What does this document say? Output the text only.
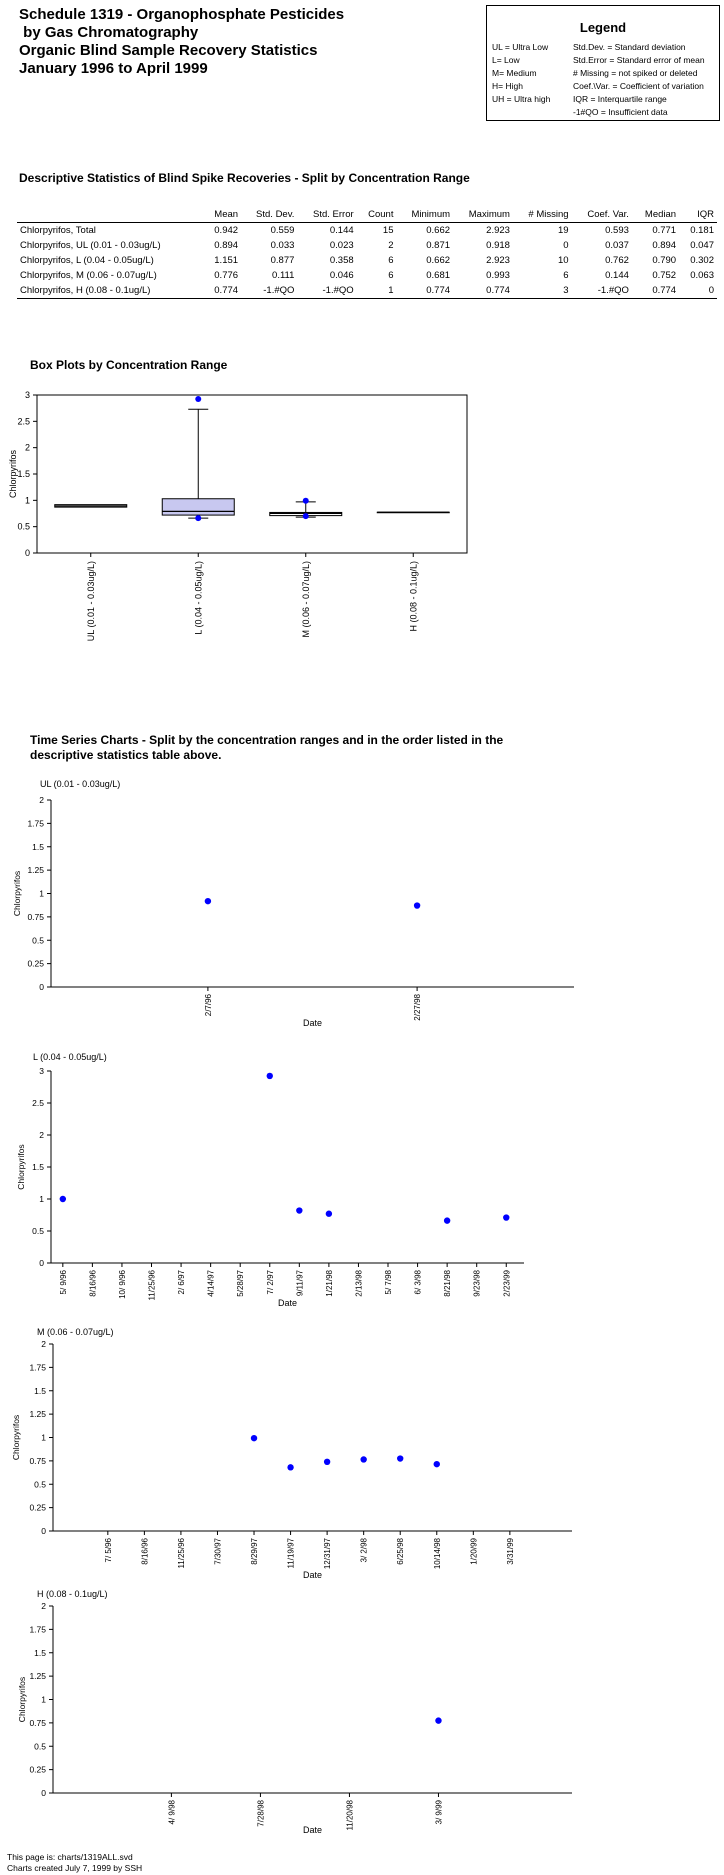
Schedule 1319 - Organophosphate Pesticides
by Gas Chromatography
Organic Blind Sample Recovery Statistics
January 1996 to April 1999
Legend
UL = Ultra Low
L= Low
M= Medium
H= High
UH = Ultra high
Std.Dev. = Standard deviation
Std.Error = Standard error of mean
# Missing = not spiked or deleted
Coef.\Var. = Coefficient of variation
IQR = Interquartile range
-1#QO = Insufficient data
Descriptive Statistics of Blind Spike Recoveries - Split by Concentration Range
	Mean	Std. Dev.	Std. Error	Count	Minimum	Maximum	# Missing	Coef. Var.	Median	IQR
Chlorpyrifos, Total	0.942	0.559	0.144	15	0.662	2.923	19	0.593	0.771	0.181
Chlorpyrifos, UL (0.01 - 0.03ug/L)	0.894	0.033	0.023	2	0.871	0.918	0	0.037	0.894	0.047
Chlorpyrifos, L (0.04 - 0.05ug/L)	1.151	0.877	0.358	6	0.662	2.923	10	0.762	0.790	0.302
Chlorpyrifos, M (0.06 - 0.07ug/L)	0.776	0.111	0.046	6	0.681	0.993	6	0.144	0.752	0.063
Chlorpyrifos, H (0.08 - 0.1ug/L)	0.774	-1.#QO	-1.#QO	1	0.774	0.774	3	-1.#QO	0.774	0
Box Plots by Concentration Range
0
0.5
1
1.5
2
2.5
3
Chlorpyrifos
UL (0.01 - 0.03ug/L)	L (0.04 - 0.05ug/L)	M (0.06 - 0.07ug/L)	H (0.08 - 0.1ug/L)
Time Series Charts - Split by the concentration ranges and in the order listed in the
descriptive statistics table above.
UL (0.01 - 0.03ug/L)
0
0.25
0.5
0.75
1
1.25
1.5
1.75
2
Chlorpyrifos
2/7/96	2/27/98
Date
L (0.04 - 0.05ug/L)
0
0.5
1
1.5
2
2.5
3
Chlorpyrifos
5/ 9/96	8/16/96	10/ 9/96	11/25/96	2/ 6/97	4/14/97	5/28/97	7/ 2/97	9/11/97	1/21/98	2/13/98	5/ 7/98	6/ 3/98	8/21/98	9/23/98	2/23/99
Date
M (0.06 - 0.07ug/L)
0
0.25
0.5
0.75
1
1.25
1.5
1.75
2
Chlorpyrifos
7/ 5/96	8/16/96	11/25/96	7/30/97	8/29/97	11/19/97	12/31/97	3/ 2/98	6/25/98	10/14/98	1/20/99	3/31/99
Date
H (0.08 - 0.1ug/L)
0
0.25
0.5
0.75
1
1.25
1.5
1.75
2
Chlorpyrifos
4/ 9/98	7/28/98	11/20/98	3/ 9/99
Date
This page is: charts/1319ALL.svd
Charts created July 7, 1999 by SSH
